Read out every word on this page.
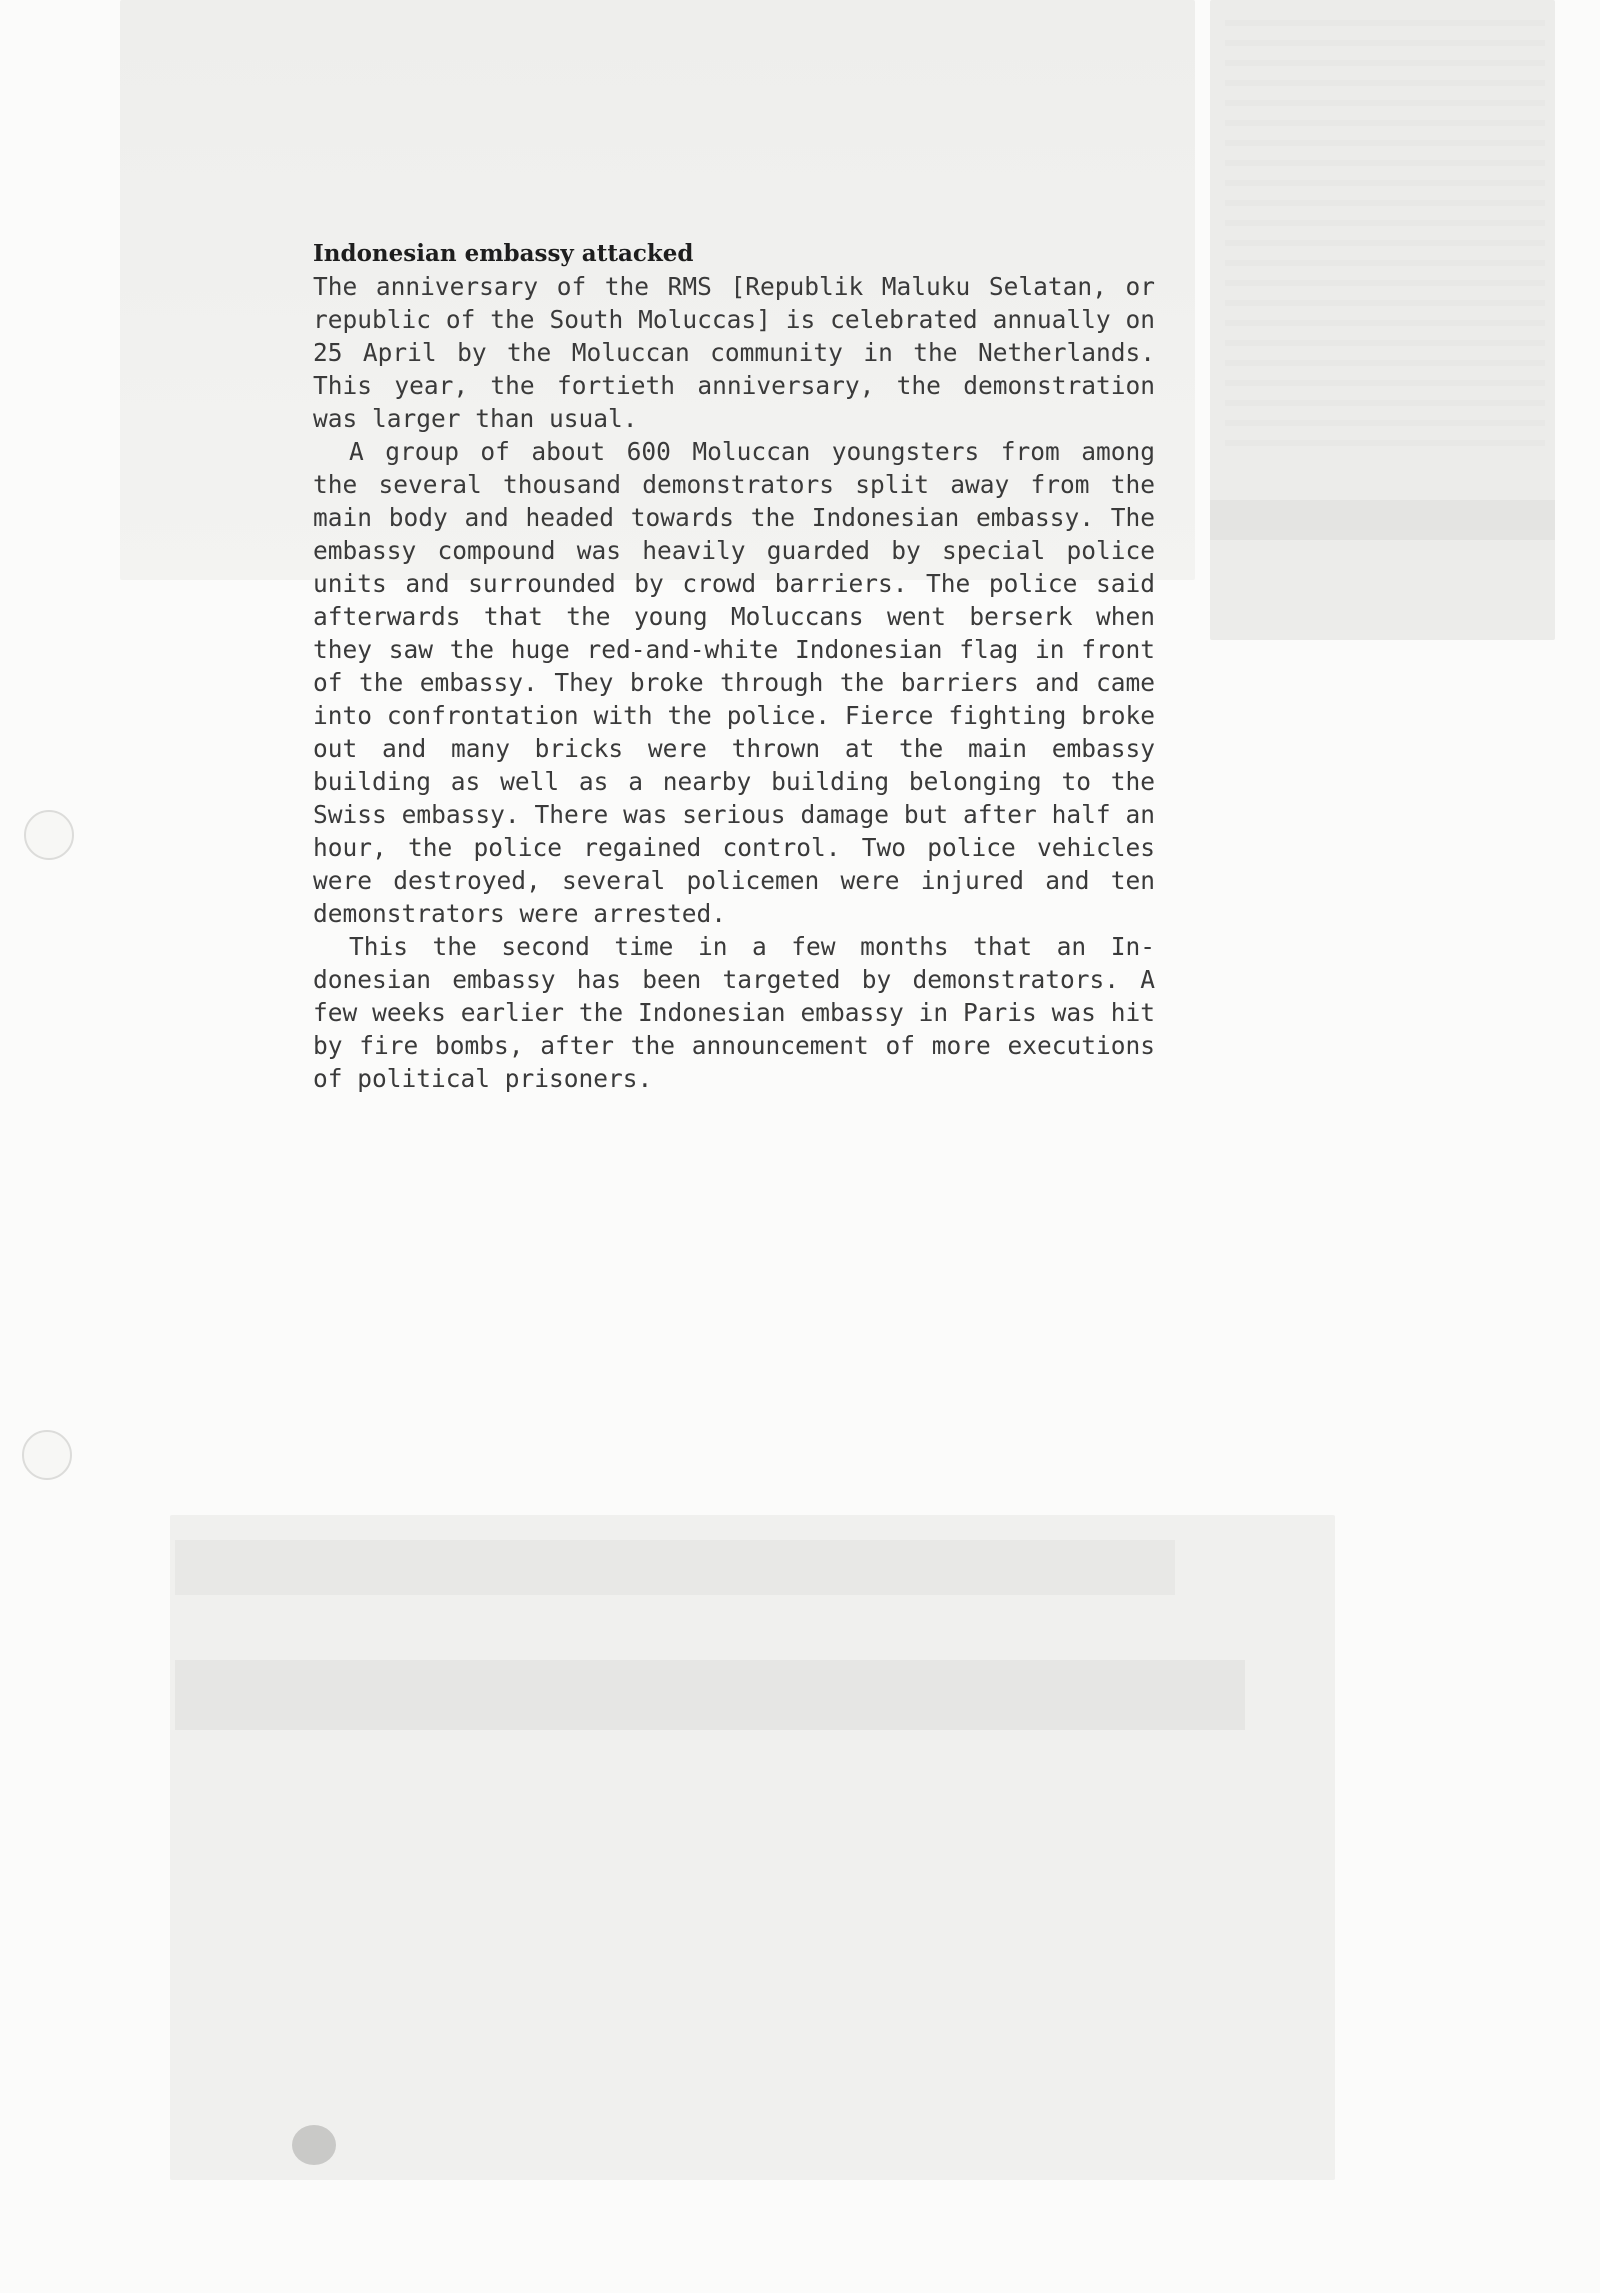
Indonesian embassy attacked

The anniversary of the RMS [Republik Maluku Selatan, or republic of the South Moluccas] is celebrated annually on 25 April by the Moluccan community in the Netherlands. This year, the fortieth anniversary, the demonstration was larger than usual.

A group of about 600 Moluccan youngsters from among the several thousand demonstrators split away from the main body and headed towards the Indonesian embassy. The embassy compound was heavily guarded by special police units and surrounded by crowd barriers. The police said afterwards that the young Moluccans went berserk when they saw the huge red-and-white Indonesian flag in front of the embassy. They broke through the barriers and came into confrontation with the police. Fierce fighting broke out and many bricks were thrown at the main embassy building as well as a nearby building belonging to the Swiss embassy. There was serious damage but after half an hour, the police regained control. Two police vehicles were destroyed, several policemen were injured and ten demonstrators were arrested.

This the second time in a few months that an Indonesian embassy has been targeted by demonstrators. A few weeks earlier the Indonesian embassy in Paris was hit by fire bombs, after the announcement of more executions of political prisoners.
